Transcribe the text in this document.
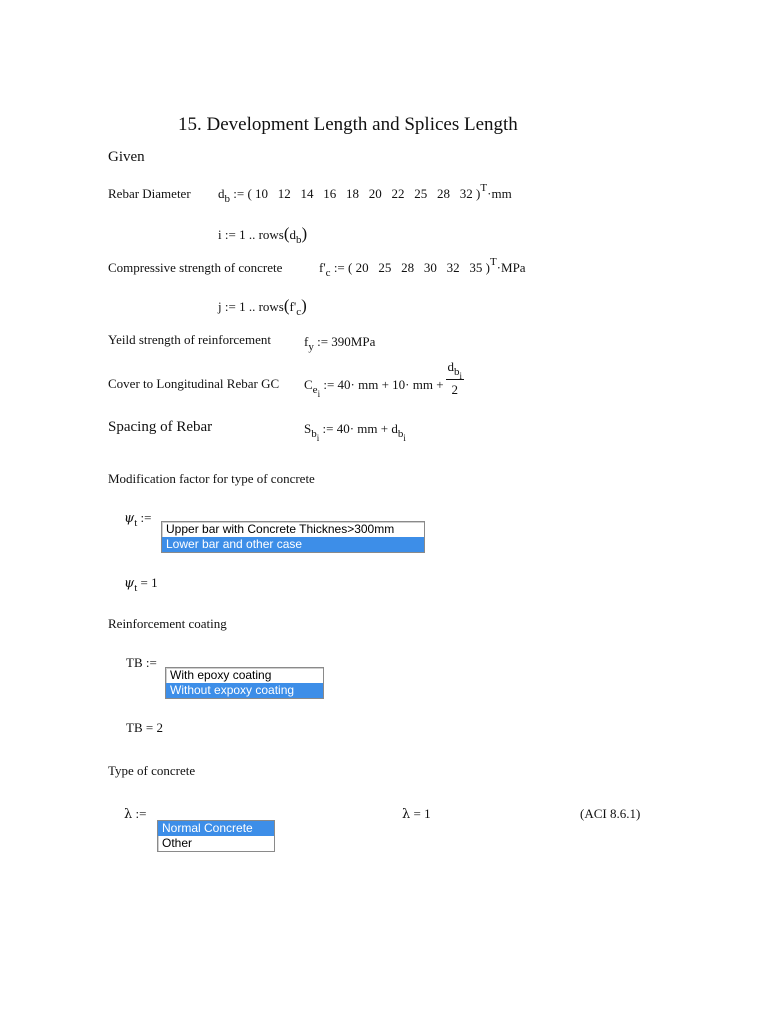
15. Development Length and Splices Length
Given
Rebar Diameter $d_b$ := ( 10 12 14 16 18 20 22 25 28 32 )$^T$·mm
i := 1 .. $rows(d_b)$
Compressive strength of concrete	$f'_c$ := ( 20 25 28 30 32 35 )$^T$·MPa
j := 1 .. $rows(f'_c)$
Yeild strength of reinforcement	$f_y$ := 390MPa
Cover to Longitudinal Rebar GC $C_{ei}$ := 40· mm + 10· mm + $\frac{d_{bi}}{2}$
Spacing of Rebar	$S_{bi}$ := 40· mm + $d_{bi}$
Modification factor for type of concrete
$\psi_t$ :=
Upper bar with Concrete Thicknes>300mm
Lower bar and other case
$\psi_t = 1$
Reinforcement coating
TB :=
With epoxy coating
Without expoxy coating
TB = 2
Type of concrete
λ :=
Normal Concrete
Other
λ = 1	(ACI 8.6.1)
